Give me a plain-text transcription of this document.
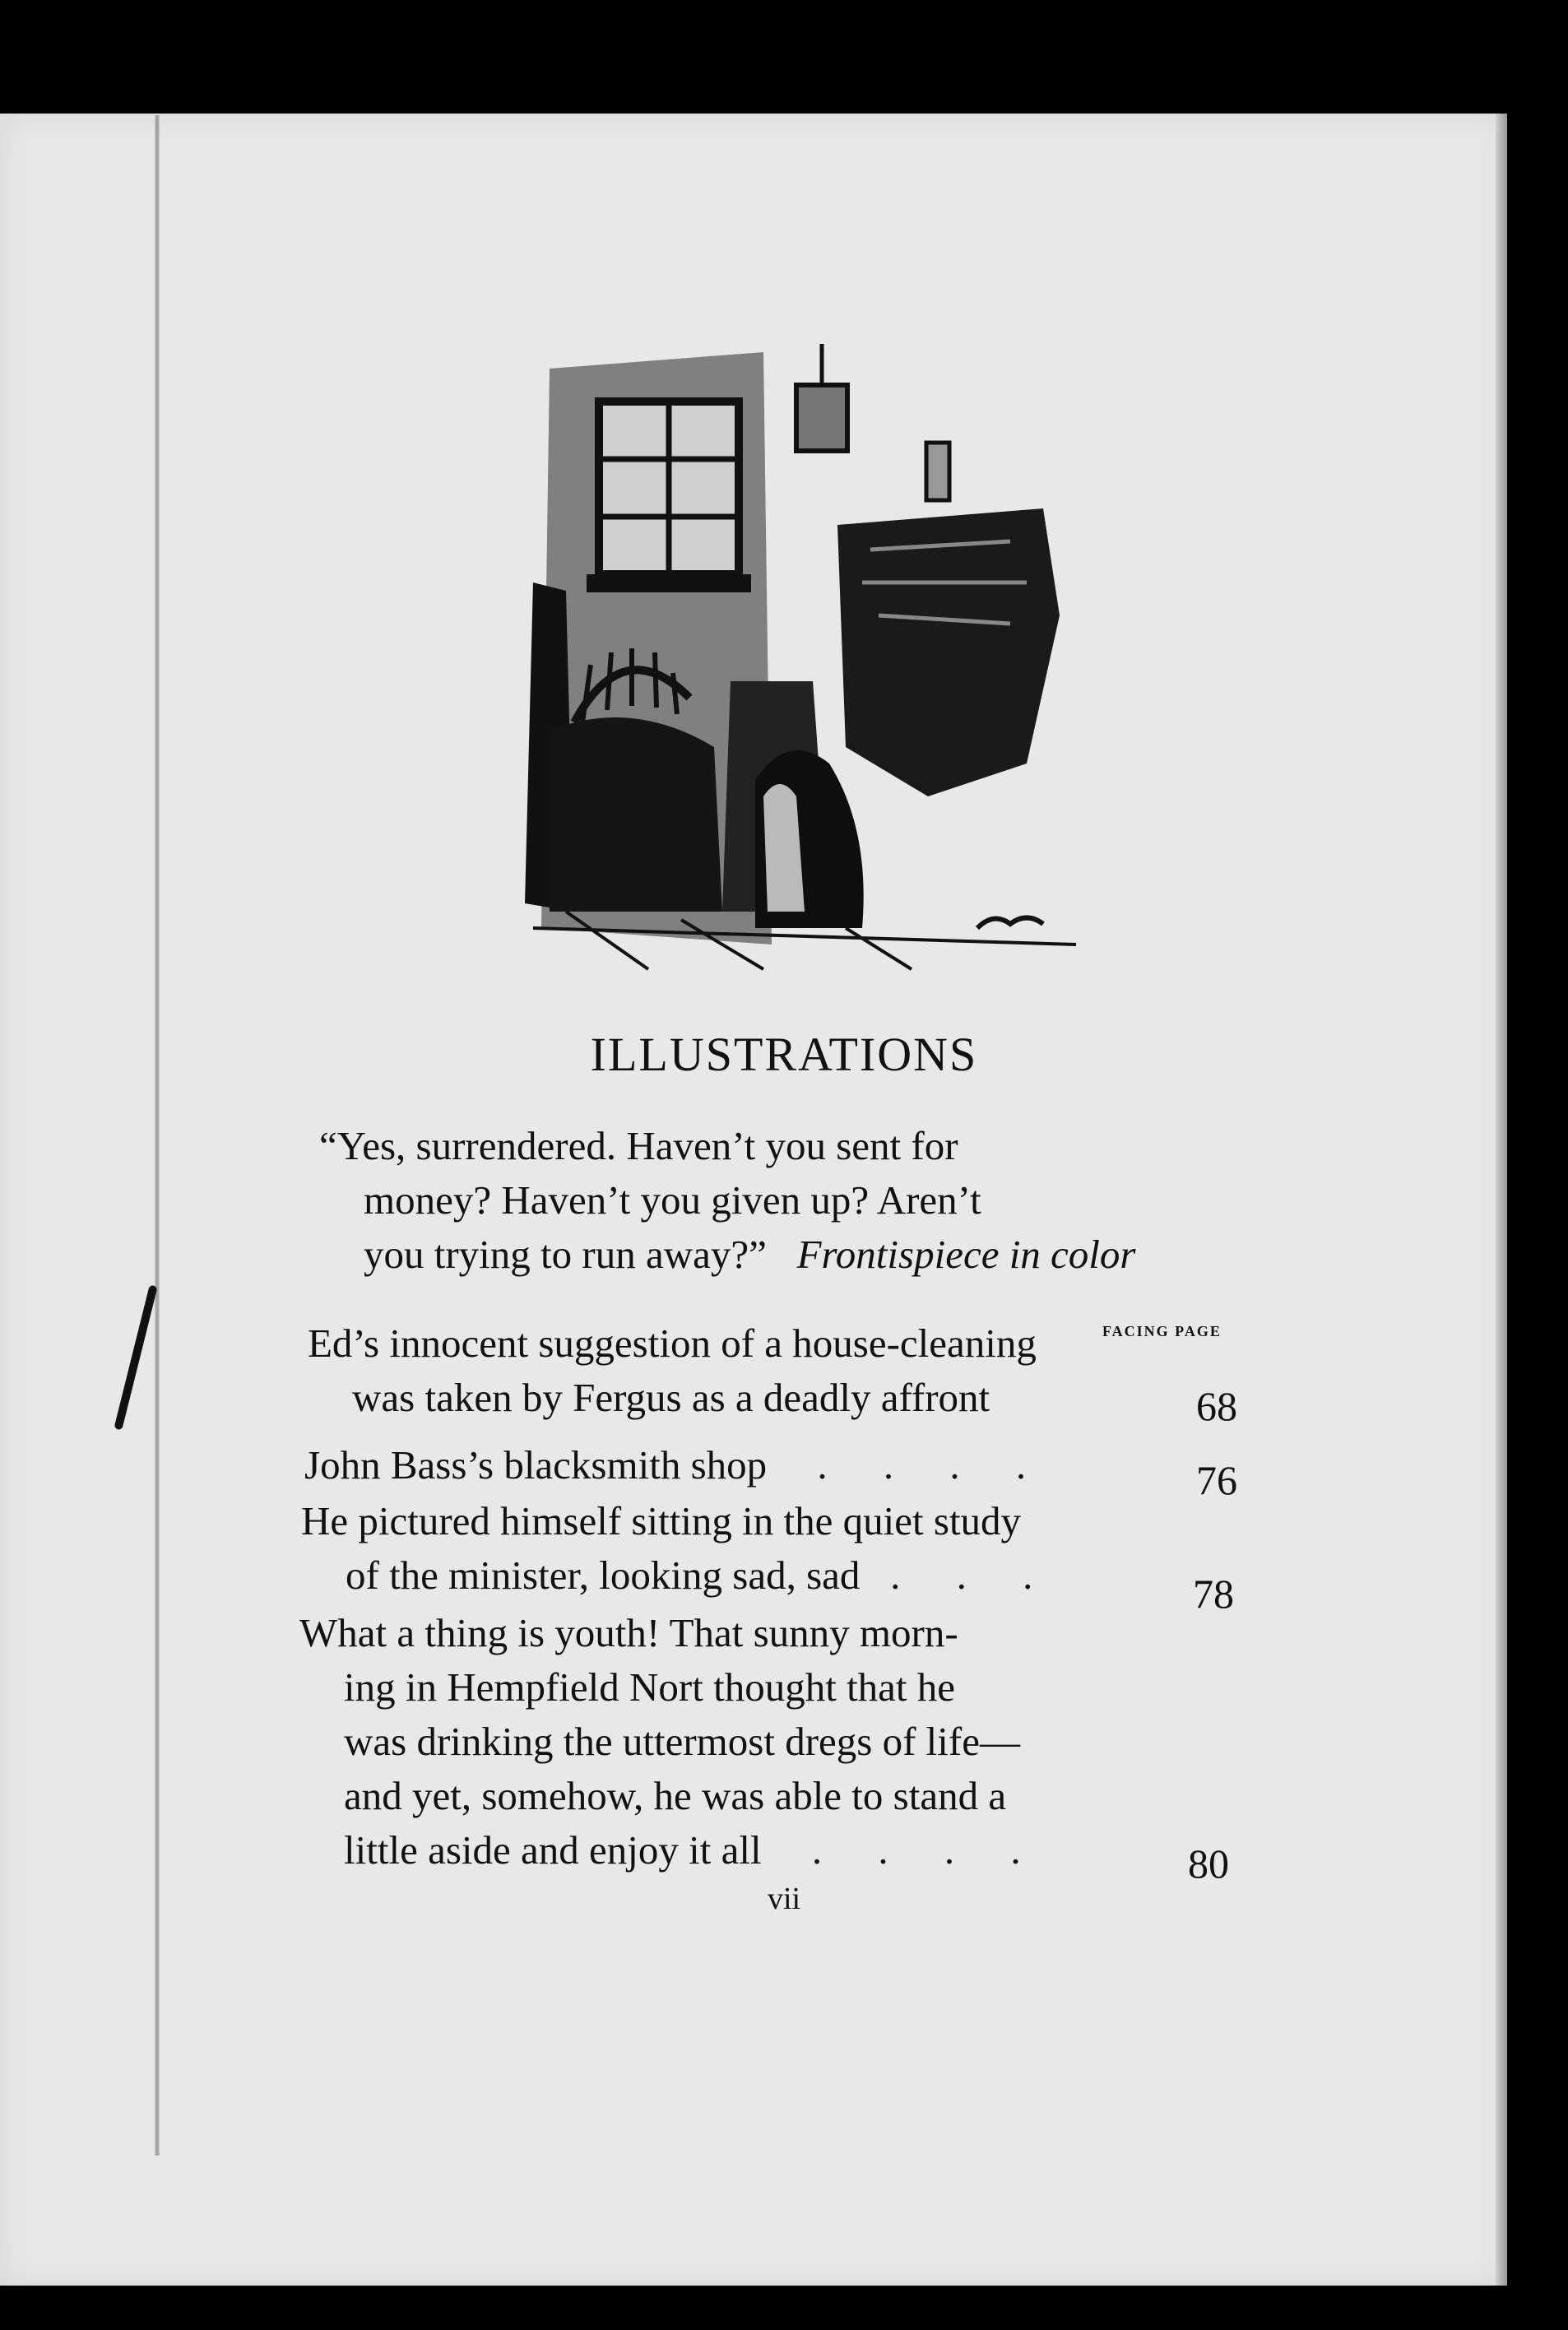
ILLUSTRATIONS
“Yes, surrendered. Haven’t you sent for
money? Haven’t you given up? Aren’t
you trying to run away?” Frontispiece in color
FACING PAGE
Ed’s innocent suggestion of a house-cleaning
was taken by Fergus as a deadly affront	68
John Bass’s blacksmith shop . . . .	76
He pictured himself sitting in the quiet study
of the minister, looking sad, sad . . .	78
What a thing is youth! That sunny morn-
ing in Hempfield Nort thought that he
was drinking the uttermost dregs of life—
and yet, somehow, he was able to stand a
little aside and enjoy it all . . . .	80
vii
